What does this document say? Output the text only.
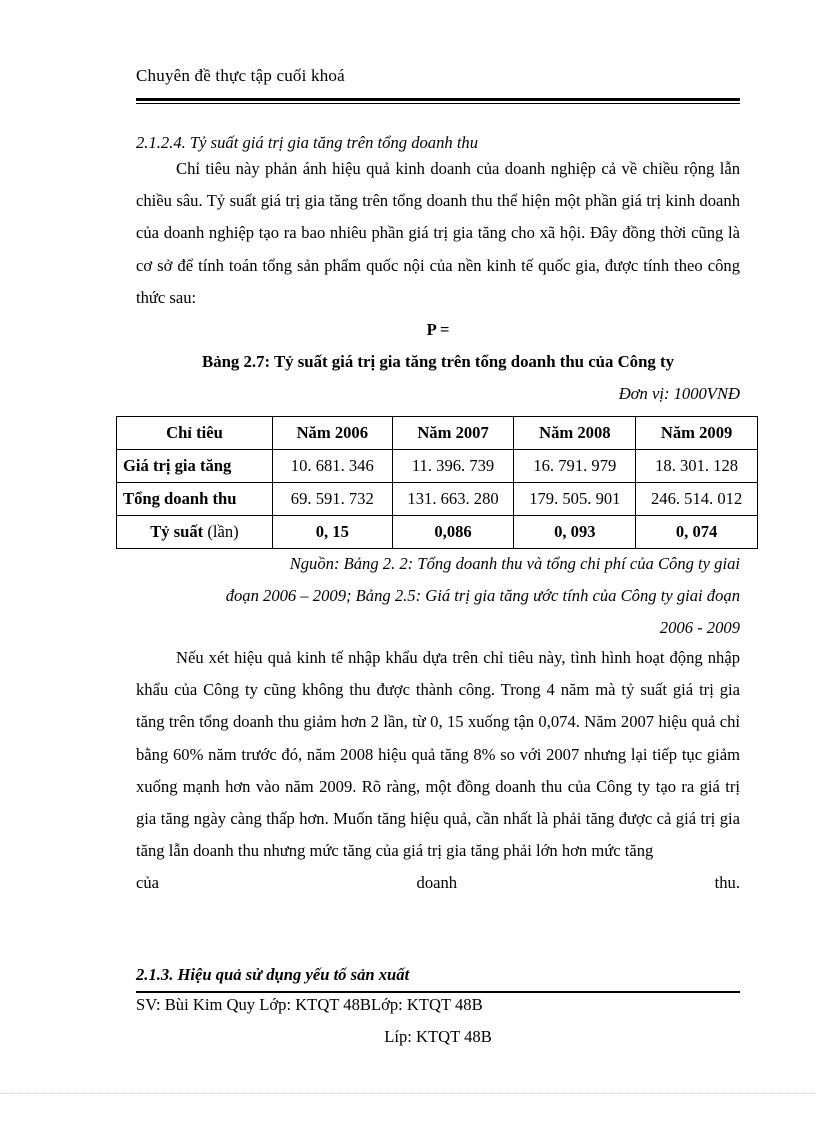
Chuyên đề thực tập cuối khoá
2.1.2.4. Tỷ suất giá trị gia tăng trên tổng doanh thu

Chỉ tiêu này phản ánh hiệu quả kinh doanh của doanh nghiệp cả về chiều rộng lẫn chiều sâu. Tỷ suất giá trị gia tăng trên tổng doanh thu thể hiện một phần giá trị kinh doanh của doanh nghiệp tạo ra bao nhiêu phần giá trị gia tăng cho xã hội. Đây đồng thời cũng là cơ sở để tính toán tổng sản phẩm quốc nội của nền kinh tế quốc gia, được tính theo công thức sau:

P =
Bảng 2.7: Tỷ suất giá trị gia tăng trên tổng doanh thu của Công ty
Đơn vị: 1000VNĐ
Chỉ tiêu	Năm 2006	Năm 2007	Năm 2008	Năm 2009
Giá trị gia tăng	10. 681. 346	11. 396. 739	16. 791. 979	18. 301. 128
Tổng doanh thu	69. 591. 732	131. 663. 280	179. 505. 901	246. 514. 012
Tỷ suất (lần)	0, 15	0,086	0, 093	0, 074
Nguồn: Bảng 2. 2: Tổng doanh thu và tổng chi phí của Công ty giai
đoạn 2006 – 2009; Bảng 2.5: Giá trị gia tăng ước tính của Công ty giai đoạn
2006 - 2009

Nếu xét hiệu quả kinh tế nhập khẩu dựa trên chỉ tiêu này, tình hình hoạt động nhập khẩu của Công ty cũng không thu được thành công. Trong 4 năm mà tỷ suất giá trị gia tăng trên tổng doanh thu giảm hơn 2 lần, từ 0, 15 xuống tận 0,074. Năm 2007 hiệu quả chỉ bằng 60% năm trước đó, năm 2008 hiệu quả tăng 8% so với 2007 nhưng lại tiếp tục giảm xuống mạnh hơn vào năm 2009. Rõ ràng, một đồng doanh thu của Công ty tạo ra giá trị gia tăng ngày càng thấp hơn. Muốn tăng hiệu quả, cần nhất là phải tăng được cả giá trị gia tăng lẫn doanh thu nhưng mức tăng của giá trị gia tăng phải lớn hơn mức tăng

của	doanh	thu.
2.1.3. Hiệu quả sử dụng yếu tố sản xuất
SV: Bùi Kim Quy Lớp: KTQT 48BLớp: KTQT 48B
Líp: KTQT 48B
